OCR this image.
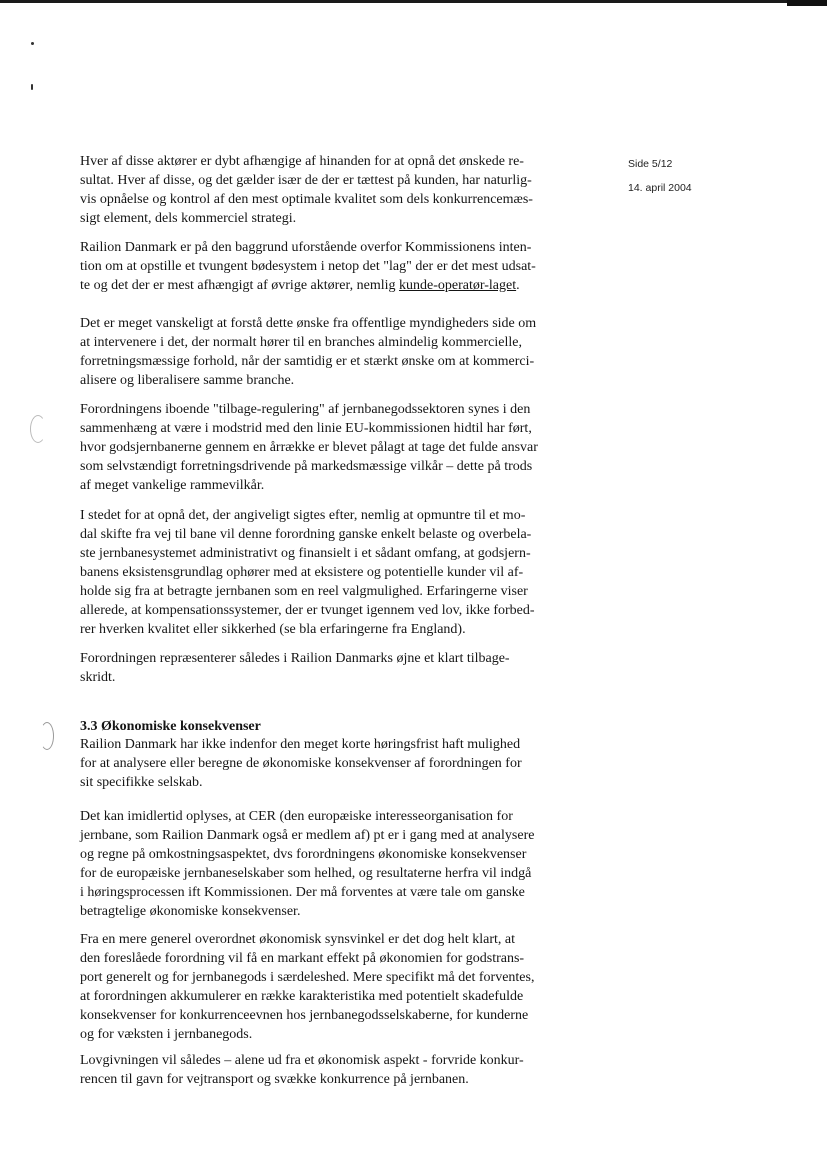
Side 5/12
14. april 2004

Hver af disse aktører er dybt afhængige af hinanden for at opnå det ønskede re-
sultat. Hver af disse, og det gælder især de der er tættest på kunden, har naturlig-
vis opnåelse og kontrol af den mest optimale kvalitet som dels konkurrencemæs-
sigt element, dels kommerciel strategi.

Railion Danmark er på den baggrund uforstående overfor Kommissionens inten-
tion om at opstille et tvungent bødesystem i netop det "lag" der er det mest udsat-
te og det der er mest afhængigt af øvrige aktører, nemlig kunde-operatør-laget.

Det er meget vanskeligt at forstå dette ønske fra offentlige myndigheders side om
at intervenere i det, der normalt hører til en branches almindelig kommercielle,
forretningsmæssige forhold, når der samtidig er et stærkt ønske om at kommerci-
alisere og liberalisere samme branche.

Forordningens iboende "tilbage-regulering" af jernbanegodssektoren synes i den
sammenhæng at være i modstrid med den linie EU-kommissionen hidtil har ført,
hvor godsjernbanerne gennem en årrække er blevet pålagt at tage det fulde ansvar
som selvstændigt forretningsdrivende på markedsmæssige vilkår – dette på trods
af meget vankelige rammevilkår.

I stedet for at opnå det, der angiveligt sigtes efter, nemlig at opmuntre til et mo-
dal skifte fra vej til bane vil denne forordning ganske enkelt belaste og overbela-
ste jernbanesystemet administrativt og finansielt i et sådant omfang, at godsjern-
banens eksistensgrundlag ophører med at eksistere og potentielle kunder vil af-
holde sig fra at betragte jernbanen som en reel valgmulighed. Erfaringerne viser
allerede, at kompensationssystemer, der er tvunget igennem ved lov, ikke forbed-
rer hverken kvalitet eller sikkerhed (se bla erfaringerne fra England).

Forordningen repræsenterer således i Railion Danmarks øjne et klart tilbage-
skridt.

3.3 Økonomiske konsekvenser

Railion Danmark har ikke indenfor den meget korte høringsfrist haft mulighed
for at analysere eller beregne de økonomiske konsekvenser af forordningen for
sit specifikke selskab.

Det kan imidlertid oplyses, at CER (den europæiske interesseorganisation for
jernbane, som Railion Danmark også er medlem af) pt er i gang med at analysere
og regne på omkostningsaspektet, dvs forordningens økonomiske konsekvenser
for de europæiske jernbaneselskaber som helhed, og resultaterne herfra vil indgå
i høringsprocessen ift Kommissionen. Der må forventes at være tale om ganske
betragtelige økonomiske konsekvenser.

Fra en mere generel overordnet økonomisk synsvinkel er det dog helt klart, at
den foreslåede forordning vil få en markant effekt på økonomien for godstrans-
port generelt og for jernbanegods i særdeleshed. Mere specifikt må det forventes,
at forordningen akkumulerer en række karakteristika med potentielt skadefulde
konsekvenser for konkurrenceevnen hos jernbanegodsselskaberne, for kunderne
og for væksten i jernbanegods.

Lovgivningen vil således – alene ud fra et økonomisk aspekt - forvride konkur-
rencen til gavn for vejtransport og svække konkurrence på jernbanen.
